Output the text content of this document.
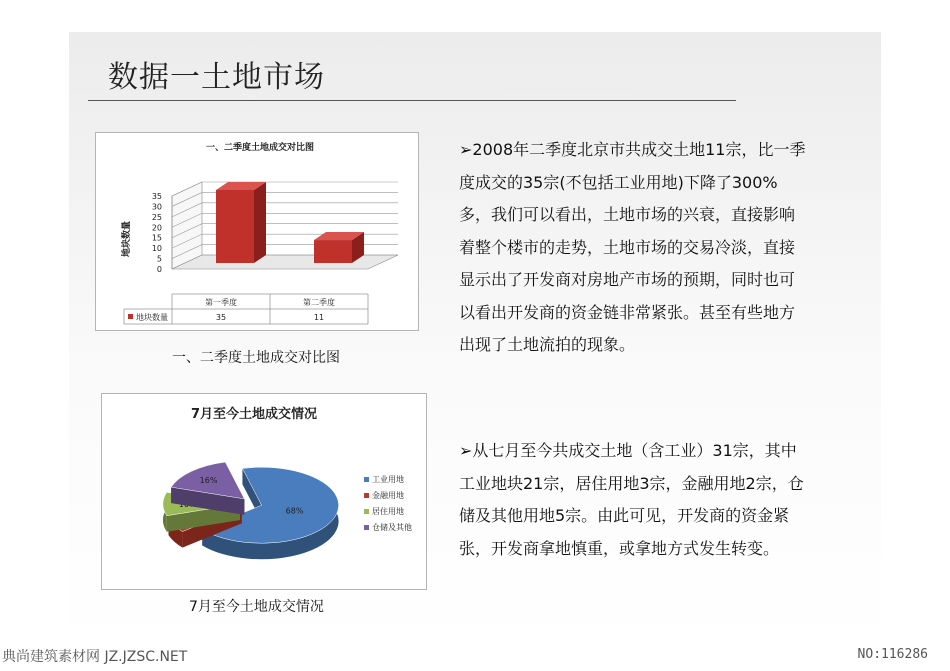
数据一土地市场
一、二季度土地成交对比图
地块数量
0
5
10
15
20
25
30
35
地块数量
第一季度
35
第二季度
11
一、二季度土地成交对比图
7月至今土地成交情况
68%
16%	工业用地
金融用地
居住用地
仓储及其他
7月至今土地成交情况
➢2008年二季度北京市共成交土地11宗，比一季
度成交的35宗(不包括工业用地)下降了300%
多，我们可以看出，土地市场的兴衰，直接影响
着整个楼市的走势，土地市场的交易冷淡，直接
显示出了开发商对房地产市场的预期，同时也可
以看出开发商的资金链非常紧张。甚至有些地方
出现了土地流拍的现象。
➢从七月至今共成交土地（含工业）31宗，其中
工业地块21宗，居住用地3宗，金融用地2宗，仓
储及其他用地5宗。由此可见，开发商的资金紧
张，开发商拿地慎重，或拿地方式发生转变。
典尚建筑素材网 JZ.JZSC.NET	NO:116286
